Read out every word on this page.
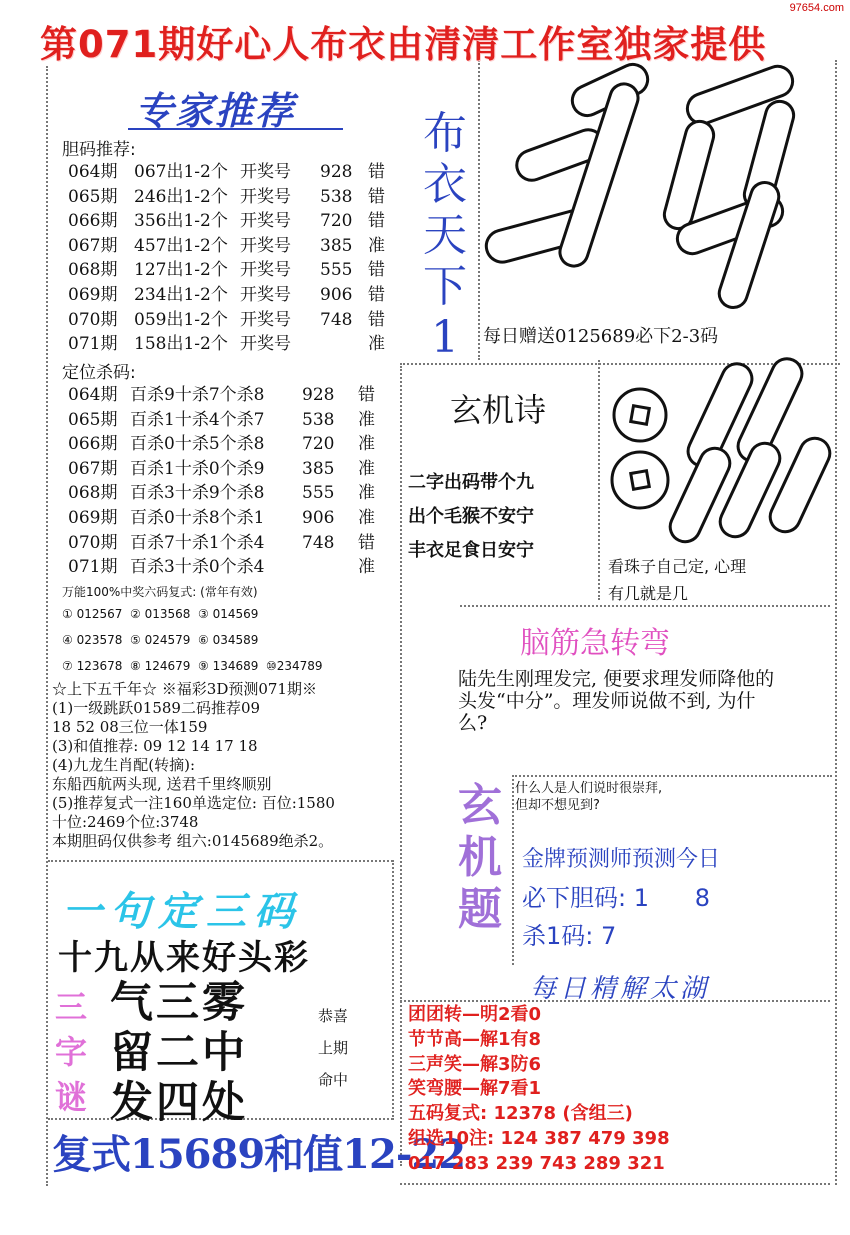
97654.com
第071期好心人布衣由清清工作室独家提供
专家推荐
胆码推荐:
064期 067出1-2个 开奖号	928 错
065期 246出1-2个 开奖号	538 错
066期 356出1-2个 开奖号	720 错
067期 457出1-2个 开奖号	385 准
068期 127出1-2个 开奖号	555 错
069期 234出1-2个 开奖号	906 错
070期 059出1-2个 开奖号	748 错
071期 158出1-2个 开奖号	准
定位杀码:
064期 百杀9十杀7个杀8	928	错
065期 百杀1十杀4个杀7	538	准
066期 百杀0十杀5个杀8	720	准
067期 百杀1十杀0个杀9	385	准
068期 百杀3十杀9个杀8	555	准
069期 百杀0十杀8个杀1	906	准
070期 百杀7十杀1个杀4	748	错
071期 百杀3十杀0个杀4	准
万能100%中奖六码复式: (常年有效)
① 012567 ② 013568 ③ 014569
④ 023578 ⑤ 024579 ⑥ 034589
⑦ 123678 ⑧ 124679 ⑨ 134689 ⑩234789
☆上下五千年☆ ※福彩3D预测071期※
(1)一级跳跃01589二码推荐09
18 52 08三位一体159
(3)和值推荐: 09 12 14 17 18
(4)九龙生肖配(转摘):
东船西航两头现, 送君千里终顺别
(5)推荐复式一注160单选定位: 百位:1580
十位:2469个位:3748
本期胆码仅供参考 组六:0145689绝杀2。
一句定三码
十九从来好头彩
三
字
谜
气三雾
留二中
发四处
恭喜
上期
命中
复式15689和值12-22
布
衣
天
下
1	每日赠送0125689必下2-3码
玄机诗
二字出码带个九
出个毛猴不安宁
丰衣足食日安宁
看珠子自己定, 心理
有几就是几
脑筋急转弯
陆先生刚理发完, 便要求理发师降他的头发“中分”。理发师说做不到, 为什么?
玄
机
题
什么人是人们说时很崇拜,
但却不想见到?
金牌预测师预测今日
必下胆码: 1      8
杀1码: 7
每日精解太湖
团团转—明2看0
节节高—解1有8
三声笑—解3防6
笑弯腰—解7看1
五码复式: 12378 (含组三)
组选10注: 124 387 479 398
017 283 239 743 289 321
